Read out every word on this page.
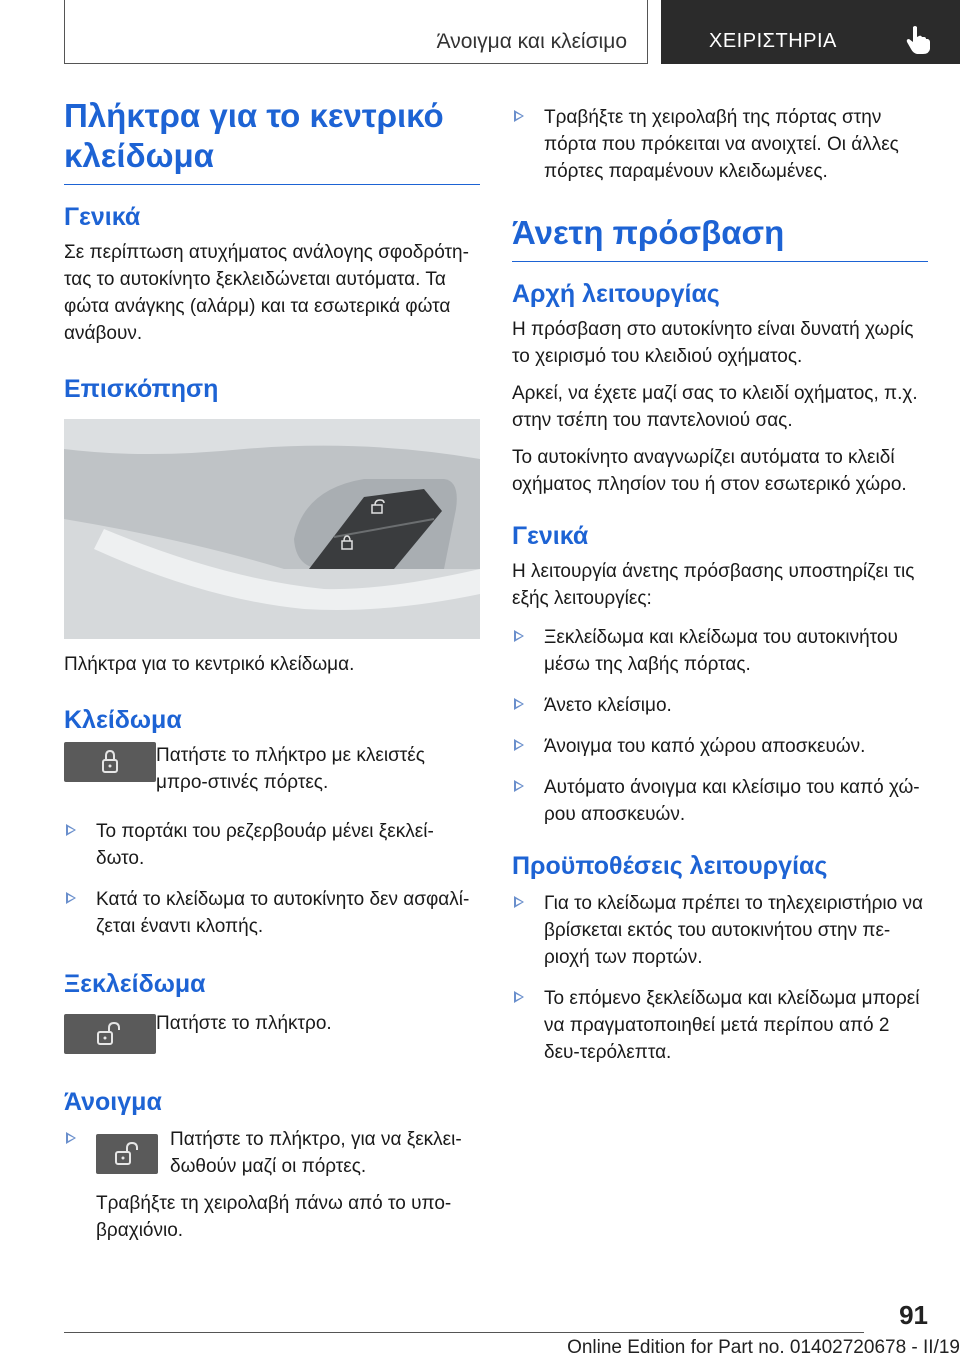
Άνοιγμα και κλείσιμο	ΧΕΙΡΙΣΤΗΡΙΑ
Πλήκτρα για το κεντρικό κλείδωμα
Γενικά

Σε περίπτωση ατυχήματος ανάλογης σφοδρότη‐τας το αυτοκίνητο ξεκλειδώνεται αυτόματα. Τα φώτα ανάγκης (αλάρμ) και τα εσωτερικά φώτα ανάβουν.

Επισκόπηση

Πλήκτρα για το κεντρικό κλείδωμα.

Κλείδωμα

Πατήστε το πλήκτρο με κλειστές μπρο‐στινές πόρτες.

Το πορτάκι του ρεζερβουάρ μένει ξεκλεί‐δωτο.
Κατά το κλείδωμα το αυτοκίνητο δεν ασφαλί‐ζεται έναντι κλοπής.
Ξεκλείδωμα

Πατήστε το πλήκτρο.

Άνοιγμα
Πατήστε το πλήκτρο, για να ξεκλει‐δωθούν μαζί οι πόρτες.
Τραβήξτε τη χειρολαβή πάνω από το υπο‐βραχιόνιο.
Τραβήξτε τη χειρολαβή της πόρτας στην πόρτα που πρόκειται να ανοιχτεί. Οι άλλες πόρτες παραμένουν κλειδωμένες.
Άνετη πρόσβαση
Αρχή λειτουργίας

Η πρόσβαση στο αυτοκίνητο είναι δυνατή χωρίς το χειρισμό του κλειδιού οχήματος.

Αρκεί, να έχετε μαζί σας το κλειδί οχήματος, π.χ. στην τσέπη του παντελονιού σας.

Το αυτοκίνητο αναγνωρίζει αυτόματα το κλειδί οχήματος πλησίον του ή στον εσωτερικό χώρο.

Γενικά

Η λειτουργία άνετης πρόσβασης υποστηρίζει τις εξής λειτουργίες:

Ξεκλείδωμα και κλείδωμα του αυτοκινήτου μέσω της λαβής πόρτας.
Άνετο κλείσιμο.
Άνοιγμα του καπό χώρου αποσκευών.
Αυτόματο άνοιγμα και κλείσιμο του καπό χώ‐ρου αποσκευών.
Προϋποθέσεις λειτουργίας
Για το κλείδωμα πρέπει το τηλεχειριστήριο να βρίσκεται εκτός του αυτοκινήτου στην πε‐ριοχή των πορτών.
Το επόμενο ξεκλείδωμα και κλείδωμα μπορεί να πραγματοποιηθεί μετά περίπου από 2 δευ‐τερόλεπτα.
91
Online Edition for Part no. 01402720678 - II/19
